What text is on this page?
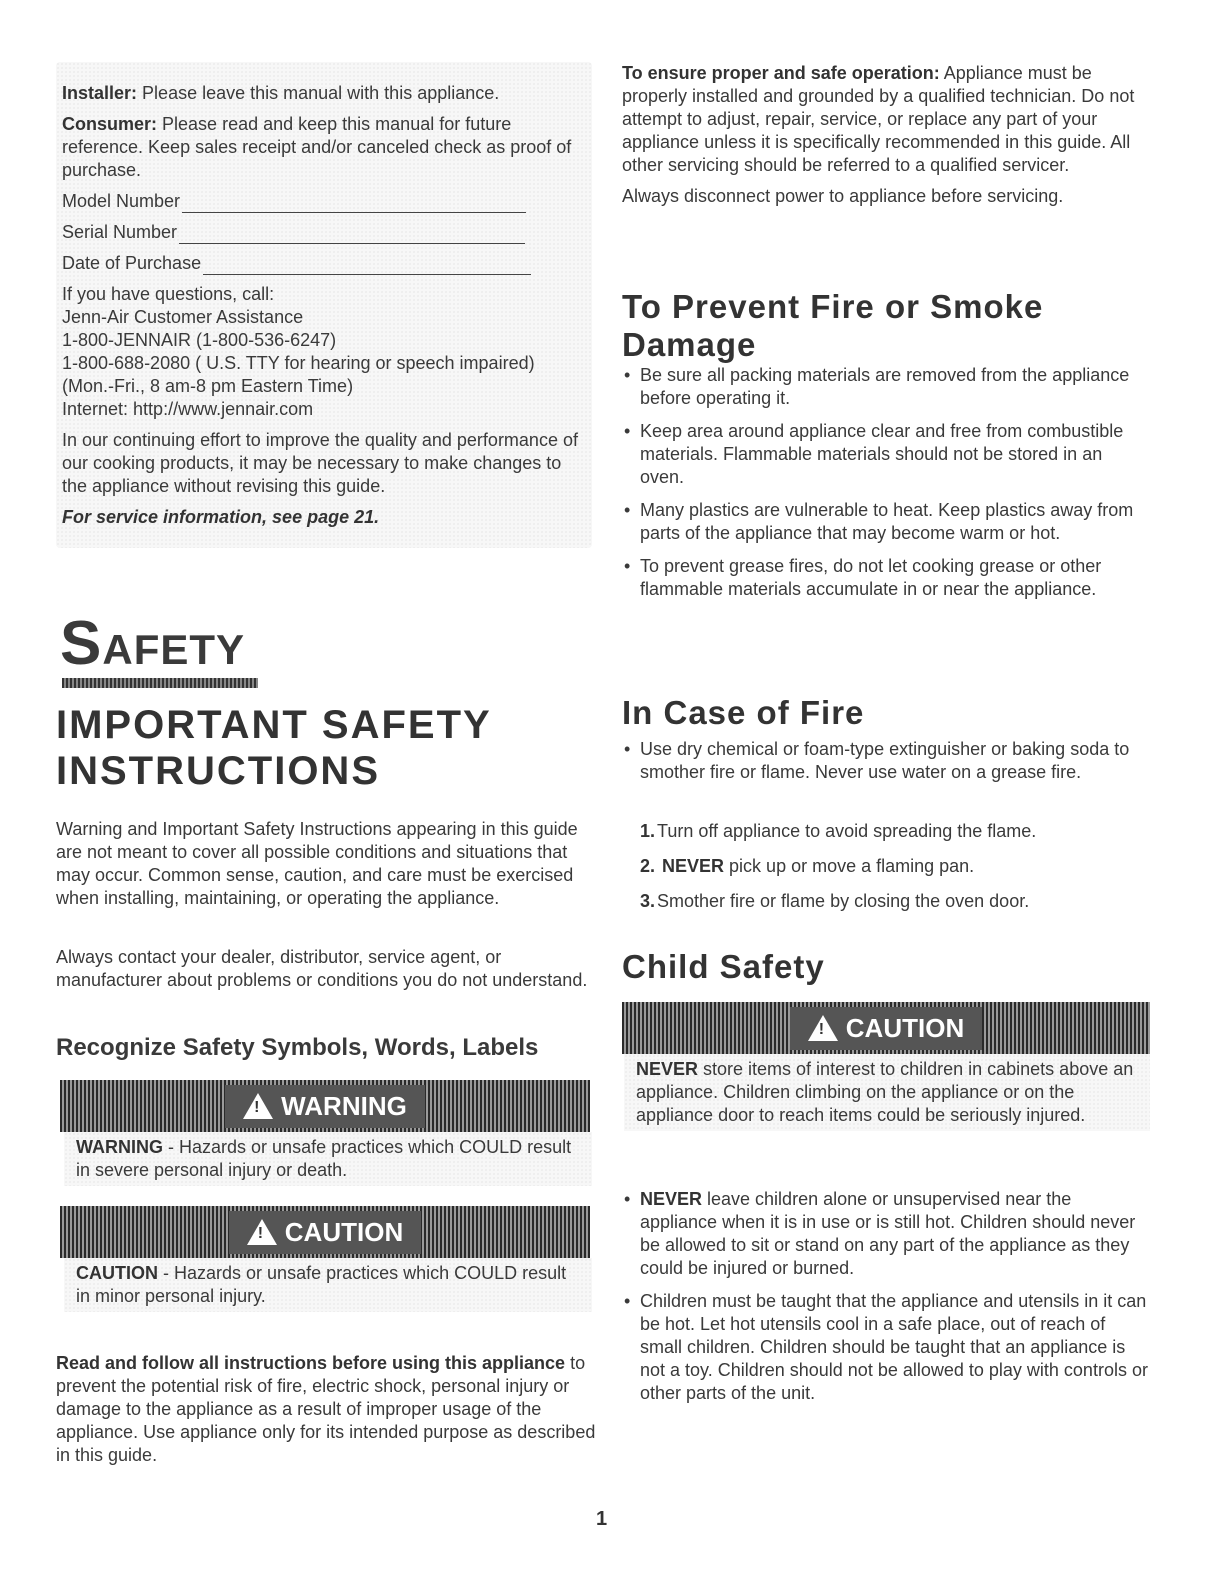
Installer: Please leave this manual with this appliance.

Consumer: Please read and keep this manual for future reference. Keep sales receipt and/or canceled check as proof of purchase.

Model Number
Serial Number
Date of Purchase

If you have questions, call:

Jenn-Air Customer Assistance

1-800-JENNAIR (1-800-536-6247)

1-800-688-2080 ( U.S. TTY for hearing or speech impaired)

(Mon.-Fri., 8 am-8 pm Eastern Time)

Internet: http://www.jennair.com

In our continuing effort to improve the quality and performance of our cooking products, it may be necessary to make changes to the appliance without revising this guide.

For service information, see page 21.

SAFETY
IMPORTANT SAFETY INSTRUCTIONS

Warning and Important Safety Instructions appearing in this guide are not meant to cover all possible conditions and situations that may occur. Common sense, caution, and care must be exercised when installing, maintaining, or operating the appliance.

Always contact your dealer, distributor, service agent, or manufacturer about problems or conditions you do not understand.

Recognize Safety Symbols, Words, Labels
!
WARNING
WARNING - Hazards or unsafe practices which COULD result in severe personal injury or death.
!
CAUTION
CAUTION - Hazards or unsafe practices which COULD result in minor personal injury.

Read and follow all instructions before using this appliance to prevent the potential risk of fire, electric shock, personal injury or damage to the appliance as a result of improper usage of the appliance. Use appliance only for its intended purpose as described in this guide.

To ensure proper and safe operation: Appliance must be properly installed and grounded by a qualified technician. Do not attempt to adjust, repair, service, or replace any part of your appliance unless it is specifically recommended in this guide. All other servicing should be referred to a qualified servicer.

Always disconnect power to appliance before servicing.

To Prevent Fire or Smoke Damage
• Be sure all packing materials are removed from the appliance before operating it.
• Keep area around appliance clear and free from combustible materials. Flammable materials should not be stored in an oven.
• Many plastics are vulnerable to heat. Keep plastics away from parts of the appliance that may become warm or hot.
• To prevent grease fires, do not let cooking grease or other flammable materials accumulate in or near the appliance.
In Case of Fire
• Use dry chemical or foam-type extinguisher or baking soda to smother fire or flame. Never use water on a grease fire.
1. Turn off appliance to avoid spreading the flame.
2. NEVER pick up or move a flaming pan.
3. Smother fire or flame by closing the oven door.
Child Safety
!
CAUTION
NEVER store items of interest to children in cabinets above an appliance. Children climbing on the appliance or on the appliance door to reach items could be seriously injured.
• NEVER leave children alone or unsupervised near the appliance when it is in use or is still hot. Children should never be allowed to sit or stand on any part of the appliance as they could be injured or burned.
• Children must be taught that the appliance and utensils in it can be hot. Let hot utensils cool in a safe place, out of reach of small children. Children should be taught that an appliance is not a toy. Children should not be allowed to play with controls or other parts of the unit.
1
